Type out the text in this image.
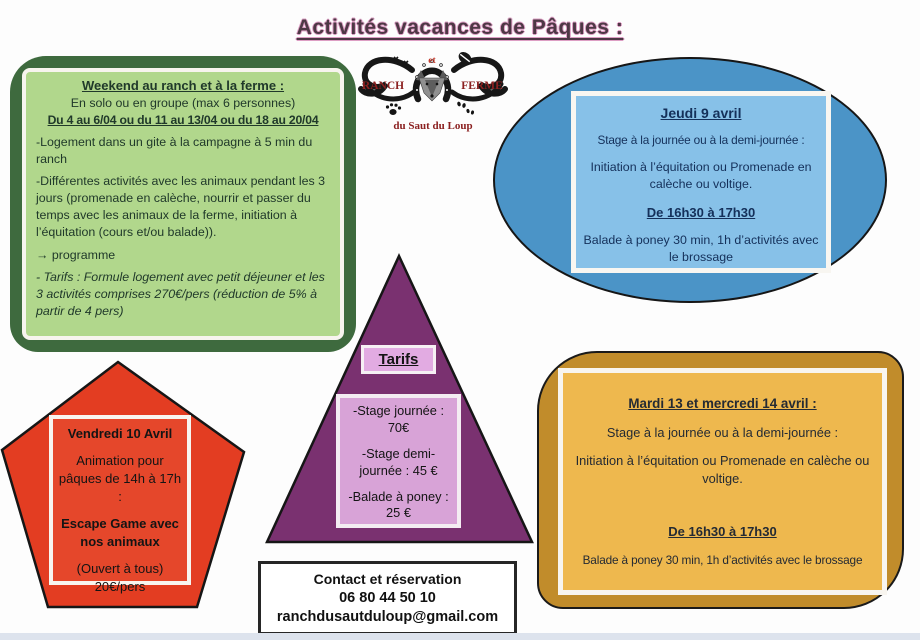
Activités vacances de Pâques :
Weekend au ranch et à la ferme :
En solo ou en groupe (max 6 personnes)
Du 4 au 6/04 ou du 11 au 13/04 ou du 18 au 20/04

-Logement dans un gite à la campagne à 5 min du ranch

-Différentes activités avec les animaux pendant les 3 jours (promenade en calèche, nourrir et passer du temps avec les animaux de la ferme, initiation à l’équitation (cours et/ou balade)).

→ programme

- Tarifs : Formule logement avec petit déjeuner et les 3 activités comprises 270€/pers (réduction de 5% à partir de 4 pers)

RANCH
et
FERME
du Saut du Loup
Jeudi 9 avril
Stage à la journée ou à la demi-journée :
Initiation à l’équitation ou Promenade en calèche ou voltige.
De 16h30 à 17h30
Balade à poney 30 min, 1h d’activités avec le brossage
Vendredi 10 Avril
Animation pour pâques de 14h à 17h :
Escape Game avec nos animaux
(Ouvert à tous)
20€/pers
Tarifs
-Stage journée : 70€
-Stage demi-journée : 45 €
-Balade à poney : 25 €
Mardi 13 et mercredi 14 avril :
Stage à la journée ou à la demi-journée :
Initiation à l’équitation ou Promenade en calèche ou voltige.
De 16h30 à 17h30
Balade à poney 30 min, 1h d’activités avec le brossage
Contact et réservation
06 80 44 50 10
ranchdusautduloup@gmail.com
